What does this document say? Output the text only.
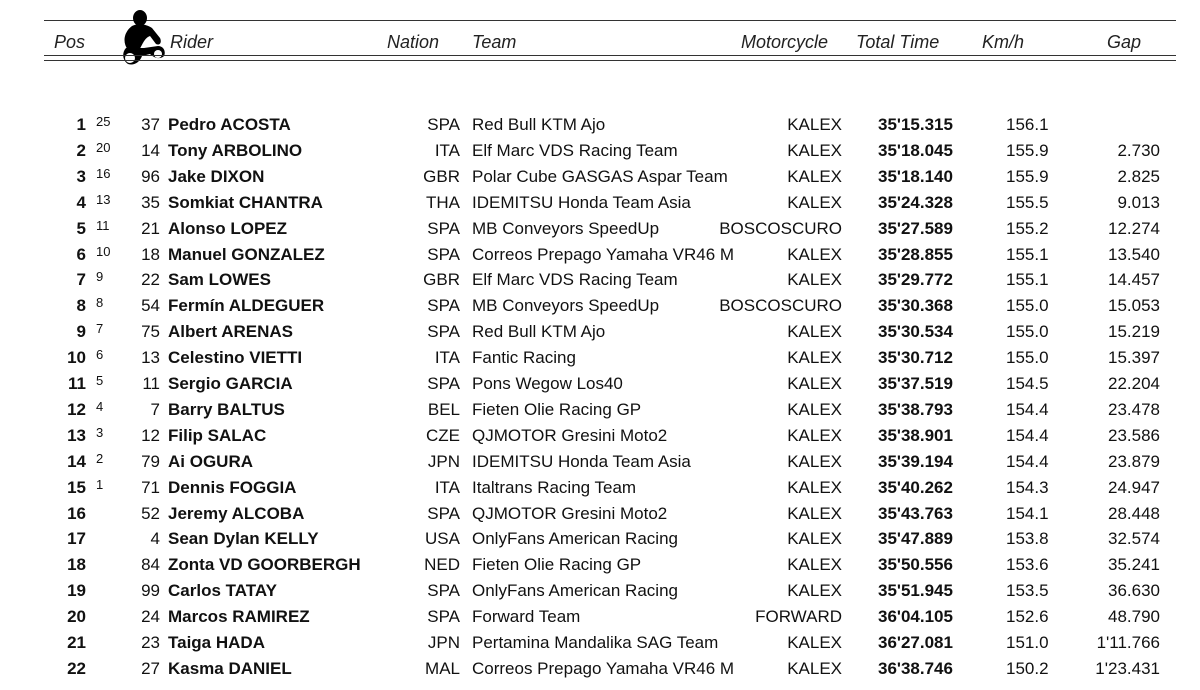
Pos	Rider	Nation Team	Motorcycle Total Time Km/h	Gap
1 25	37 Pedro ACOSTA	SPA Red Bull KTM Ajo	KALEX 35'15.315	156.1
2 20	14 Tony ARBOLINO	ITA Elf Marc VDS Racing Team	KALEX 35'18.045	155.9	2.730
3 16	96 Jake DIXON	GBR Polar Cube GASGAS Aspar Team	KALEX 35'18.140	155.9	2.825
4 13	35 Somkiat CHANTRA	THA IDEMITSU Honda Team Asia	KALEX 35'24.328	155.5	9.013
5 11	21 Alonso LOPEZ	SPA MB Conveyors SpeedUp	BOSCOSCURO 35'27.589	155.2	12.274
6 10	18 Manuel GONZALEZ	SPA Correos Prepago Yamaha VR46 M	KALEX 35'28.855	155.1	13.540
7 9	22 Sam LOWES	GBR Elf Marc VDS Racing Team	KALEX 35'29.772	155.1	14.457
8 8	54 Fermín ALDEGUER	SPA MB Conveyors SpeedUp	BOSCOSCURO 35'30.368	155.0	15.053
9 7	75 Albert ARENAS	SPA Red Bull KTM Ajo	KALEX 35'30.534	155.0	15.219
10 6	13 Celestino VIETTI	ITA Fantic Racing	KALEX 35'30.712	155.0	15.397
11 5	11 Sergio GARCIA	SPA Pons Wegow Los40	KALEX 35'37.519	154.5	22.204
12 4	7 Barry BALTUS	BEL Fieten Olie Racing GP	KALEX 35'38.793	154.4	23.478
13 3	12 Filip SALAC	CZE QJMOTOR Gresini Moto2	KALEX 35'38.901	154.4	23.586
14 2	79 Ai OGURA	JPN IDEMITSU Honda Team Asia	KALEX 35'39.194	154.4	23.879
15 1	71 Dennis FOGGIA	ITA Italtrans Racing Team	KALEX 35'40.262	154.3	24.947
16	52 Jeremy ALCOBA	SPA QJMOTOR Gresini Moto2	KALEX 35'43.763	154.1	28.448
17	4 Sean Dylan KELLY	USA OnlyFans American Racing	KALEX 35'47.889	153.8	32.574
18	84 Zonta VD GOORBERGH	NED Fieten Olie Racing GP	KALEX 35'50.556	153.6	35.241
19	99 Carlos TATAY	SPA OnlyFans American Racing	KALEX 35'51.945	153.5	36.630
20	24 Marcos RAMIREZ	SPA Forward Team	FORWARD 36'04.105	152.6	48.790
21	23 Taiga HADA	JPN Pertamina Mandalika SAG Team	KALEX 36'27.081	151.0	1'11.766
22	27 Kasma DANIEL	MAL Correos Prepago Yamaha VR46 M	KALEX 36'38.746	150.2	1'23.431
